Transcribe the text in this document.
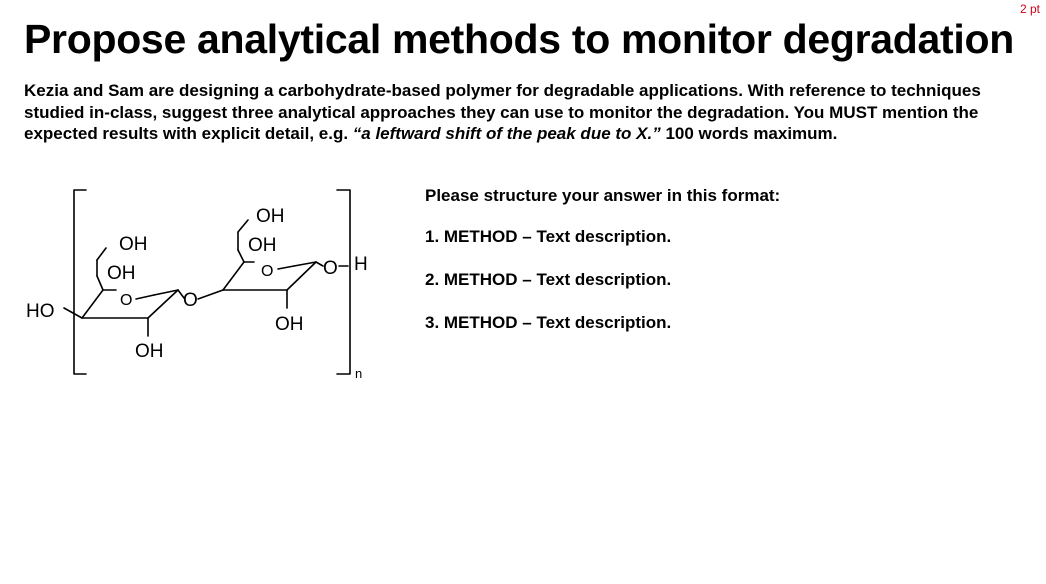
2 pt
Propose analytical methods to monitor degradation

Kezia and Sam are designing a carbohydrate-based polymer for degradable applications. With reference to techniques studied in-class, suggest three analytical approaches they can use to monitor the degradation. You MUST mention the expected results with explicit detail, e.g. “a leftward shift of the peak due to X.” 100 words maximum.

OH
OH
OH
OH
O
O
O
O H
HO
OH
OH
n

Please structure your answer in this format:

1. METHOD – Text description.
2. METHOD – Text description.
3. METHOD – Text description.
